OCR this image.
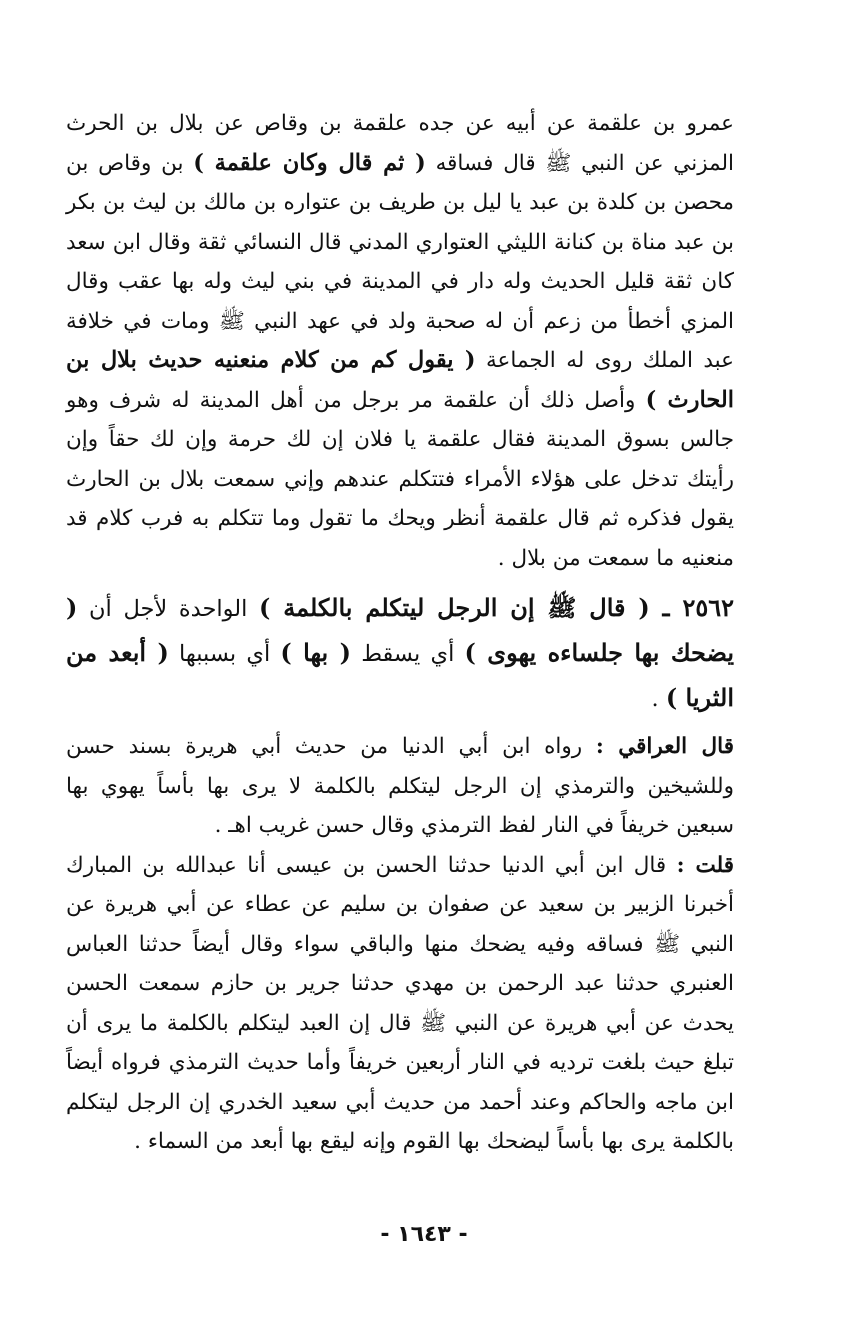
عمرو بن علقمة عن أبيه عن جده علقمة بن وقاص عن بلال بن الحرث المزني عن النبي ﷺ قال فساقه ( ثم قال وكان علقمة ) بن وقاص بن محصن بن كلدة بن عبد يا ليل بن طريف بن عتواره بن مالك بن ليث بن بكر بن عبد مناة بن كنانة الليثي العتواري المدني قال النسائي ثقة وقال ابن سعد كان ثقة قليل الحديث وله دار في المدينة في بني ليث وله بها عقب وقال المزي أخطأ من زعم أن له صحبة ولد في عهد النبي ﷺ ومات في خلافة عبد الملك روى له الجماعة ( يقول كم من كلام منعنيه حديث بلال بن الحارث ) وأصل ذلك أن علقمة مر برجل من أهل المدينة له شرف وهو جالس بسوق المدينة فقال علقمة يا فلان إن لك حرمة وإن لك حقاً وإن رأيتك تدخل على هؤلاء الأمراء فتتكلم عندهم وإني سمعت بلال بن الحارث يقول فذكره ثم قال علقمة أنظر ويحك ما تقول وما تتكلم به فرب كلام قد منعنيه ما سمعت من بلال .

٢٥٦٢ ـ ( قال ﷺ إن الرجل ليتكلم بالكلمة ) الواحدة لأجل أن ( يضحك بها جلساءه يهوى ) أي يسقط ( بها ) أي بسببها ( أبعد من الثريا ) .

قال العراقي : رواه ابن أبي الدنيا من حديث أبي هريرة بسند حسن وللشيخين والترمذي إن الرجل ليتكلم بالكلمة لا يرى بها بأساً يهوي بها سبعين خريفاً في النار لفظ الترمذي وقال حسن غريب اهـ .

قلت : قال ابن أبي الدنيا حدثنا الحسن بن عيسى أنا عبدالله بن المبارك أخبرنا الزبير بن سعيد عن صفوان بن سليم عن عطاء عن أبي هريرة عن النبي ﷺ فساقه وفيه يضحك منها والباقي سواء وقال أيضاً حدثنا العباس العنبري حدثنا عبد الرحمن بن مهدي حدثنا جرير بن حازم سمعت الحسن يحدث عن أبي هريرة عن النبي ﷺ قال إن العبد ليتكلم بالكلمة ما يرى أن تبلغ حيث بلغت ترديه في النار أربعين خريفاً وأما حديث الترمذي فرواه أيضاً ابن ماجه والحاكم وعند أحمد من حديث أبي سعيد الخدري إن الرجل ليتكلم بالكلمة يرى بها بأساً ليضحك بها القوم وإنه ليقع بها أبعد من السماء .

- ١٦٤٣ -
